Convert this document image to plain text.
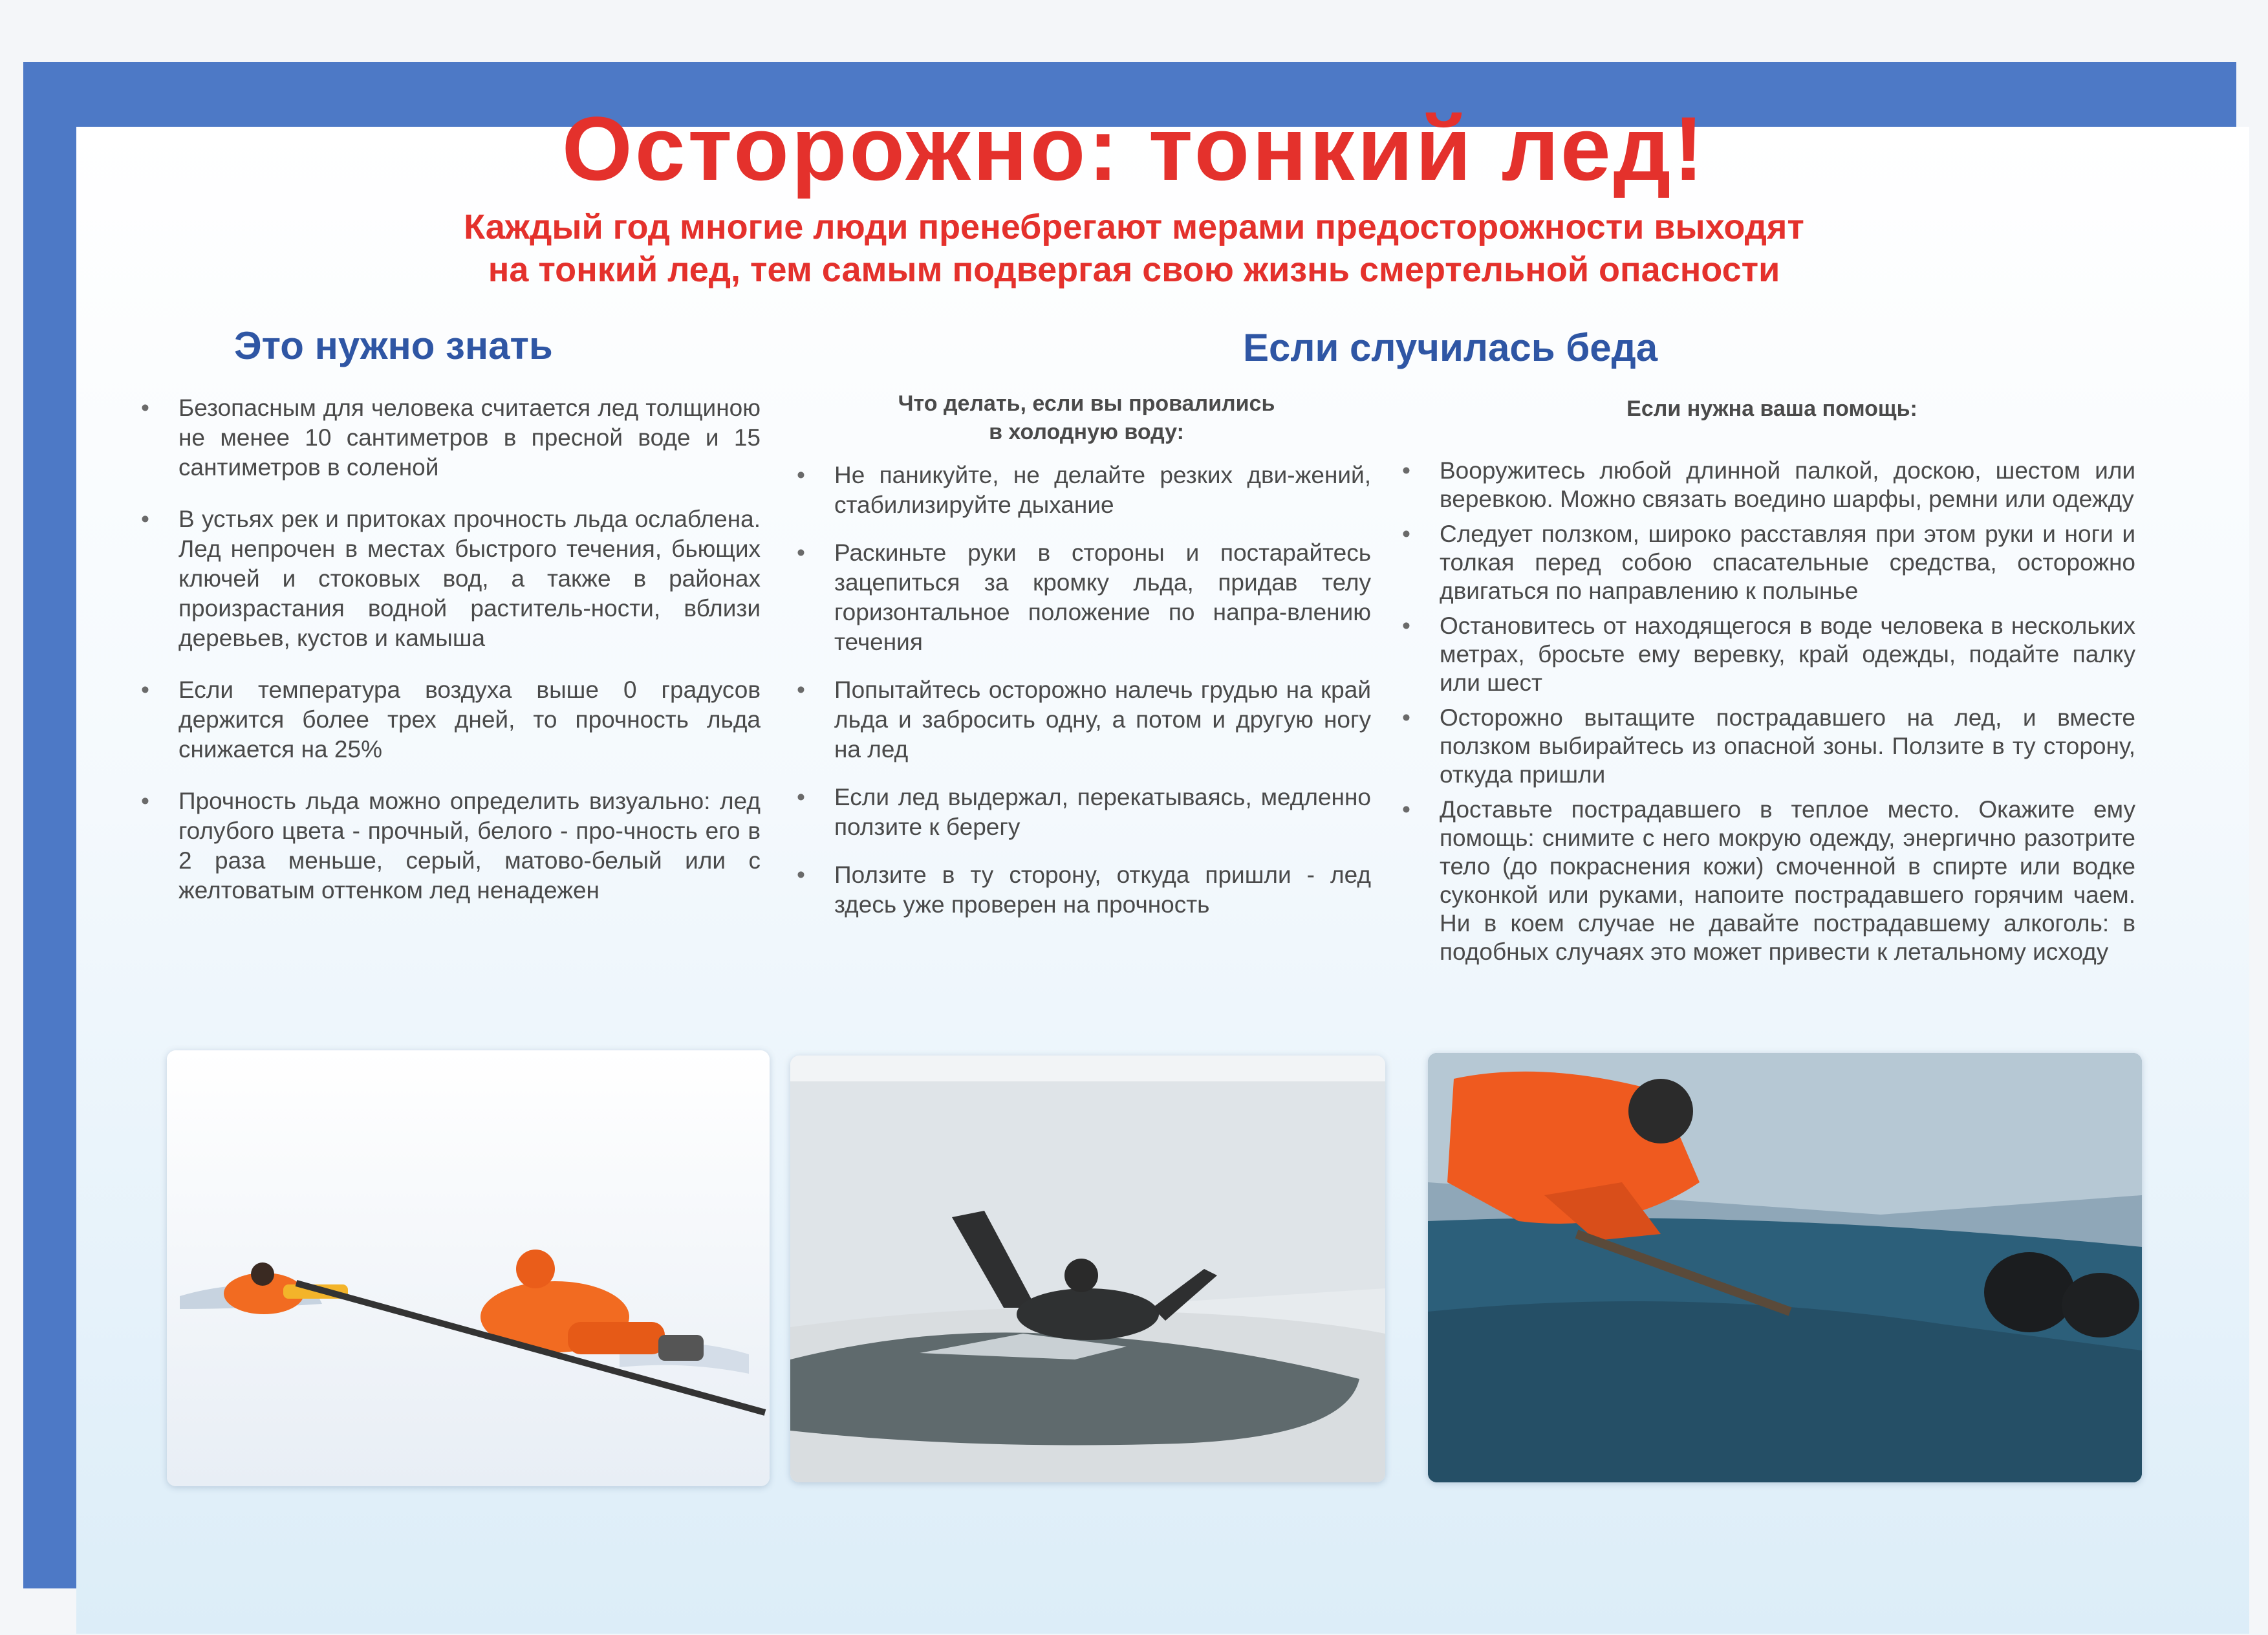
Осторожно: тонкий лед!
Каждый год многие люди пренебрегают мерами предосторожности выходят
на тонкий лед, тем самым подвергая свою жизнь смертельной опасности
Это нужно знать
• Безопасным для человека считается лед толщиною не менее 10 сантиметров в пресной воде и 15 сантиметров в соленой
• В устьях рек и притоках прочность льда ослаблена. Лед непрочен в местах быстрого течения, бьющих ключей и стоковых вод, а также в районах произрастания водной раститель-ности, вблизи деревьев, кустов и камыша
• Если температура воздуха выше 0 градусов держится более трех дней, то прочность льда снижается на 25%
• Прочность льда можно определить визуально: лед голубого цвета - прочный, белого - про-чность его в 2 раза меньше, серый, матово-белый или с желтоватым оттенком лед ненадежен
Если случилась беда
Что делать, если вы провалились
в холодную воду:
• Не паникуйте, не делайте резких дви-жений, стабилизируйте дыхание
• Раскиньте руки в стороны и постарайтесь зацепиться за кромку льда, придав телу горизонтальное положение по напра-влению течения
• Попытайтесь осторожно налечь грудью на край льда и забросить одну, а потом и другую ногу на лед
• Если лед выдержал, перекатываясь, медленно ползите к берегу
• Ползите в ту сторону, откуда пришли - лед здесь уже проверен на прочность
Если нужна ваша помощь:
• Вооружитесь любой длинной палкой, доскою, шестом или веревкою. Можно связать воедино шарфы, ремни или одежду
• Следует ползком, широко расставляя при этом руки и ноги и толкая перед собою спасательные средства, осторожно двигаться по направлению к полынье
• Остановитесь от находящегося в воде человека в нескольких метрах, бросьте ему веревку, край одежды, подайте палку или шест
• Осторожно вытащите пострадавшего на лед, и вместе ползком выбирайтесь из опасной зоны. Ползите в ту сторону, откуда пришли
• Доставьте пострадавшего в теплое место. Окажите ему помощь: снимите с него мокрую одежду, энергично разотрите тело (до покраснения кожи) смоченной в спирте или водке суконкой или руками, напоите пострадавшего горячим чаем. Ни в коем случае не давайте пострадавшему алкоголь: в подобных случаях это может привести к летальному исходу
